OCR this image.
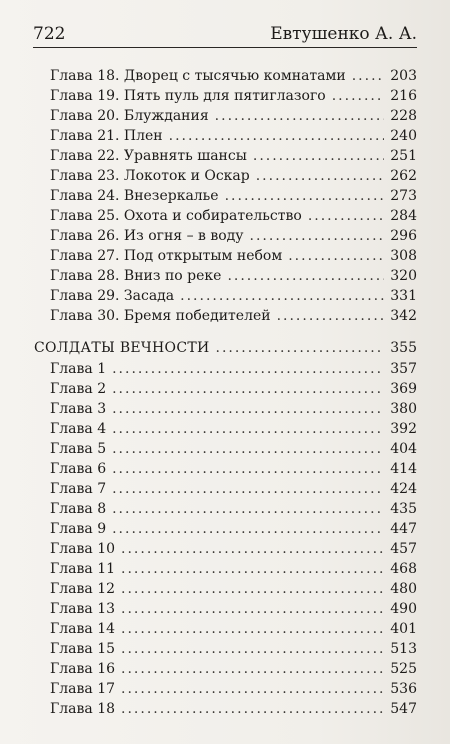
722	Евтушенко А. А.
Глава 18. Дворец с тысячью комнатами .....	203
Глава 19. Пять пуль для пятиглазого .....	216
Глава 20. Блуждания .....	228
Глава 21. Плен .....	240
Глава 22. Уравнять шансы .....	251
Глава 23. Локоток и Оскар .....	262
Глава 24. Внезеркалье .....	273
Глава 25. Охота и собирательство .....	284
Глава 26. Из огня – в воду .....	296
Глава 27. Под открытым небом .....	308
Глава 28. Вниз по реке .....	320
Глава 29. Засада .....	331
Глава 30. Бремя победителей .....	342
СОЛДАТЫ ВЕЧНОСТИ .....	355
Глава 1 .....	357
Глава 2 .....	369
Глава 3 .....	380
Глава 4 .....	392
Глава 5 .....	404
Глава 6 .....	414
Глава 7 .....	424
Глава 8 .....	435
Глава 9 .....	447
Глава 10 .....	457
Глава 11 .....	468
Глава 12 .....	480
Глава 13 .....	490
Глава 14 .....	401
Глава 15 .....	513
Глава 16 .....	525
Глава 17 .....	536
Глава 18 .....	547
